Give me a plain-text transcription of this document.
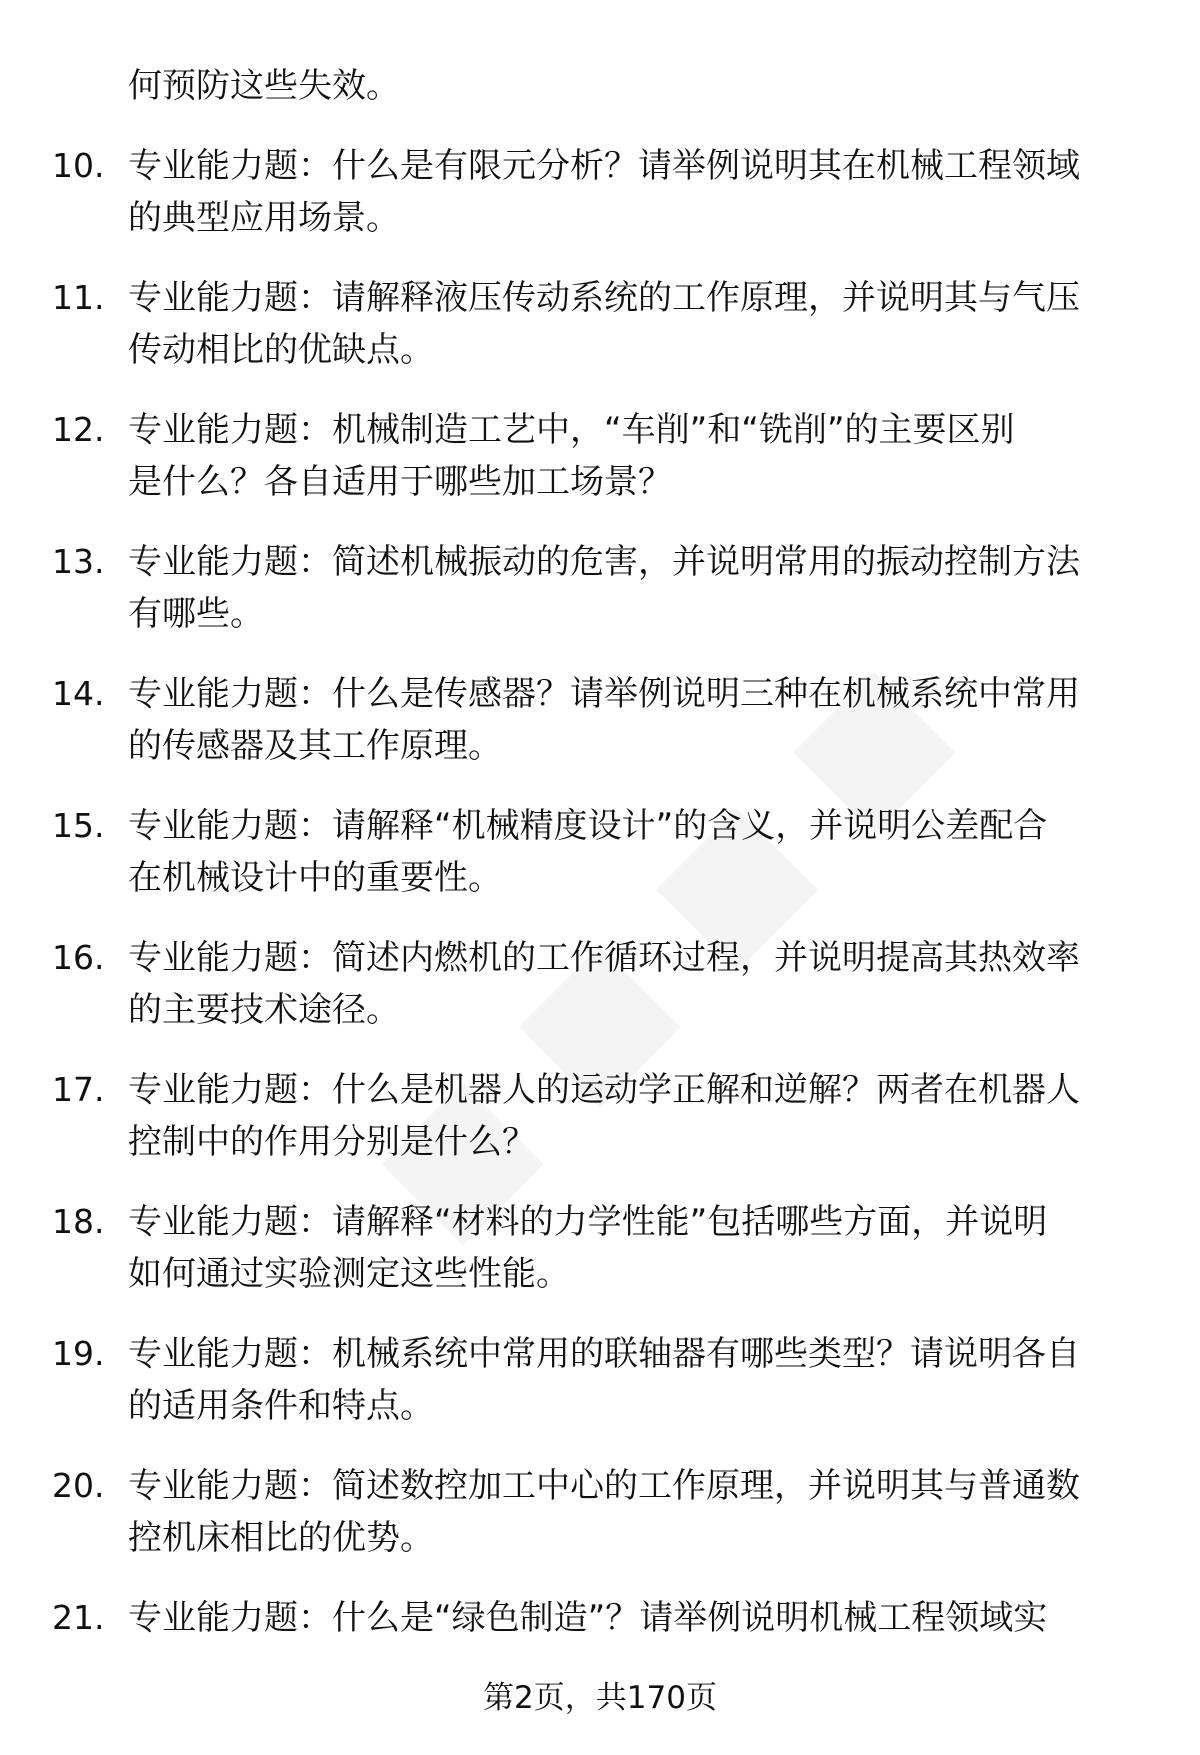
何预防这些失效。
10. 专业能力题：什么是有限元分析？请举例说明其在机械工程领域
的典型应用场景。
11. 专业能力题：请解释液压传动系统的工作原理，并说明其与气压
传动相比的优缺点。
12. 专业能力题：机械制造工艺中，“车削”和“铣削”的主要区别
是什么？各自适用于哪些加工场景？
13. 专业能力题：简述机械振动的危害，并说明常用的振动控制方法
有哪些。
14. 专业能力题：什么是传感器？请举例说明三种在机械系统中常用
的传感器及其工作原理。
15. 专业能力题：请解释“机械精度设计”的含义，并说明公差配合
在机械设计中的重要性。
16. 专业能力题：简述内燃机的工作循环过程，并说明提高其热效率
的主要技术途径。
17. 专业能力题：什么是机器人的运动学正解和逆解？两者在机器人
控制中的作用分别是什么？
18. 专业能力题：请解释“材料的力学性能”包括哪些方面，并说明
如何通过实验测定这些性能。
19. 专业能力题：机械系统中常用的联轴器有哪些类型？请说明各自
的适用条件和特点。
20. 专业能力题：简述数控加工中心的工作原理，并说明其与普通数
控机床相比的优势。
21. 专业能力题：什么是“绿色制造”？请举例说明机械工程领域实
第2页，共170页
